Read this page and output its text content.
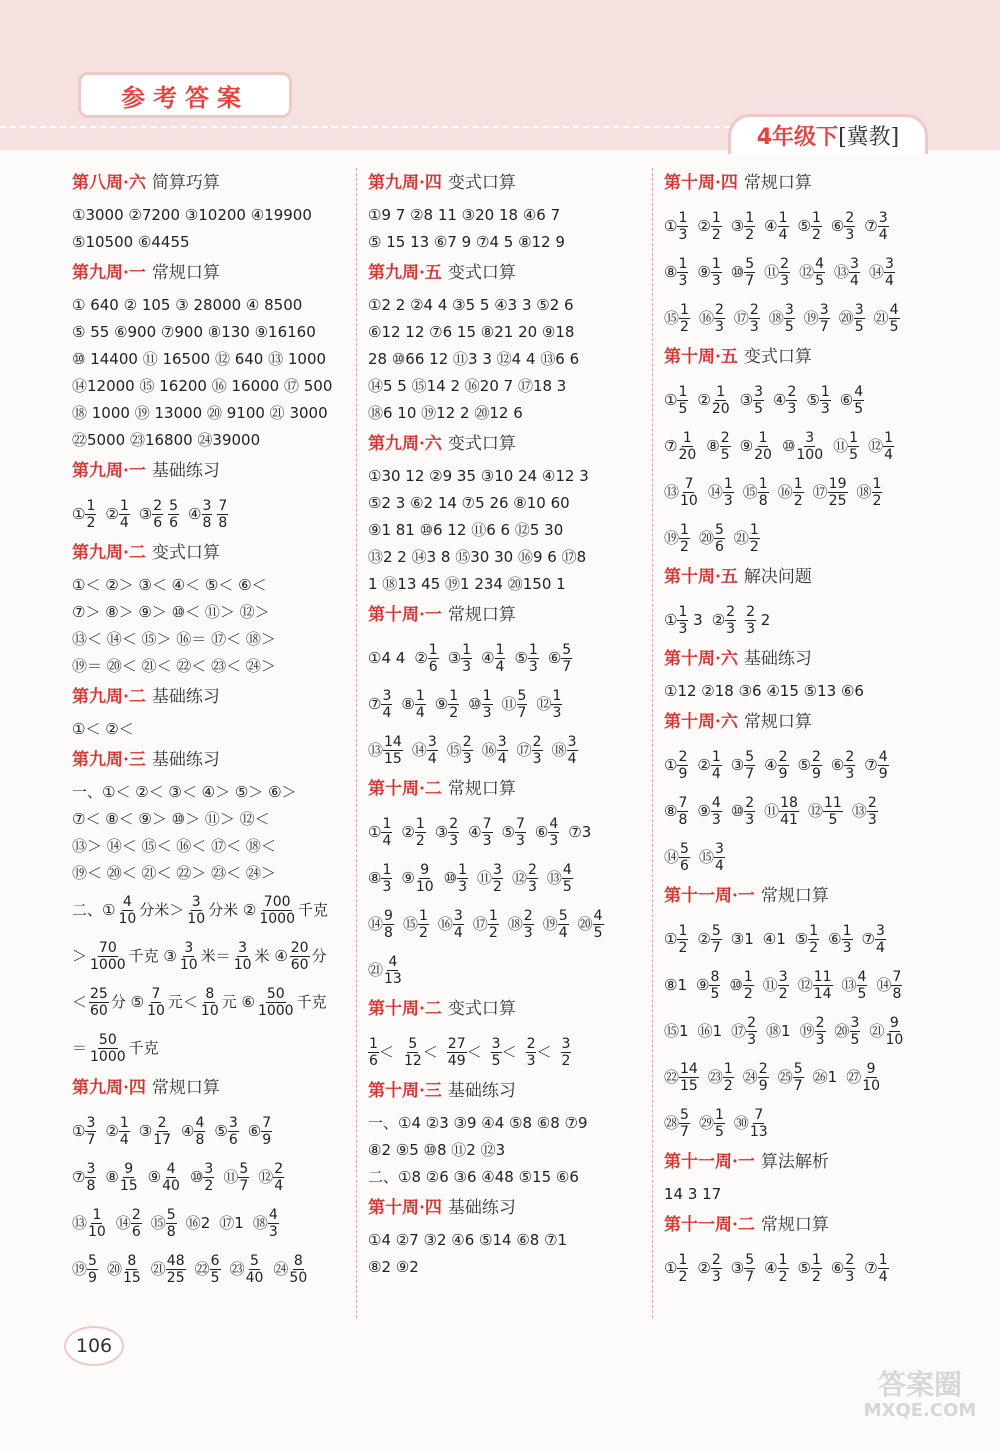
参考答案
4年级下 [冀教]
第八周·六 简算巧算
①3000 ②7200 ③10200 ④19900
⑤10500 ⑥4455
第九周·一 常规口算
① 640 ② 105 ③ 28000 ④ 8500
⑤ 55 ⑥900 ⑦900 ⑧130 ⑨16160
⑩ 14400 ⑪ 16500 ⑫ 640 ⑬ 1000
⑭12000 ⑮ 16200 ⑯ 16000 ⑰ 500
⑱ 1000 ⑲ 13000 ⑳ 9100 ㉑ 3000
㉒5000 ㉓16800 ㉔39000
第九周·一 基础练习
① $\frac{1}{2}$ ② $\frac{1}{4}$ ③ $\frac{2}{6} \frac{5}{6}$ ④ $\frac{3}{8} \frac{7}{8}$
第九周·二 变式口算
①＜ ②＞ ③＜ ④＜ ⑤＜ ⑥＜
⑦＞ ⑧＞ ⑨＞ ⑩＜ ⑪＞ ⑫＞
⑬＜ ⑭＜ ⑮＞ ⑯＝ ⑰＜ ⑱＞
⑲＝ ⑳＜ ㉑＜ ㉒＜ ㉓＜ ㉔＞
第九周·二 基础练习
①＜ ②＜
第九周·三 基础练习
一、①＜ ②＜ ③＜ ④＞ ⑤＞ ⑥＞
⑦＜ ⑧＜ ⑨＞ ⑩＞ ⑪＞ ⑫＜
⑬＞ ⑭＜ ⑮＜ ⑯＜ ⑰＜ ⑱＜
⑲＜ ⑳＜ ㉑＜ ㉒＞ ㉓＜ ㉔＞
二、① $\frac{4}{10}$ 分米＞ $\frac{3}{10}$ 分米 ② $\frac{700}{1000}$ 千克
＞ $\frac{70}{1000}$ 千克 ③ $\frac{3}{10}$ 米＝ $\frac{3}{10}$ 米 ④ $\frac{20}{60}$ 分
＜ $\frac{25}{60}$ 分 ⑤ $\frac{7}{10}$ 元＜ $\frac{8}{10}$ 元 ⑥ $\frac{50}{1000}$ 千克
＝ $\frac{50}{1000}$ 千克
第九周·四 常规口算
① $\frac{3}{7}$ ② $\frac{1}{4}$ ③ $\frac{2}{17}$ ④ $\frac{4}{8}$ ⑤ $\frac{3}{6}$ ⑥ $\frac{7}{9}$
⑦ $\frac{3}{8}$ ⑧ $\frac{9}{15}$ ⑨ $\frac{4}{40}$ ⑩ $\frac{3}{2}$ ⑪ $\frac{5}{7}$ ⑫ $\frac{2}{4}$
⑬ $\frac{1}{10}$ ⑭ $\frac{2}{6}$ ⑮ $\frac{5}{8}$ ⑯2 ⑰1 ⑱ $\frac{4}{3}$
⑲ $\frac{5}{9}$ ⑳ $\frac{8}{15}$ ㉑ $\frac{48}{25}$ ㉒ $\frac{6}{5}$ ㉓ $\frac{5}{40}$ ㉔ $\frac{8}{50}$
第九周·四 变式口算
①9 7 ②8 11 ③20 18 ④6 7
⑤ 15 13 ⑥7 9 ⑦4 5 ⑧12 9
第九周·五 变式口算
①2 2 ②4 4 ③5 5 ④3 3 ⑤2 6
⑥12 12 ⑦6 15 ⑧21 20 ⑨18
28 ⑩66 12 ⑪3 3 ⑫4 4 ⑬6 6
⑭5 5 ⑮14 2 ⑯20 7 ⑰18 3
⑱6 10 ⑲12 2 ⑳12 6
第九周·六 变式口算
①30 12 ②9 35 ③10 24 ④12 3
⑤2 3 ⑥2 14 ⑦5 26 ⑧10 60
⑨1 81 ⑩6 12 ⑪6 6 ⑫5 30
⑬2 2 ⑭3 8 ⑮30 30 ⑯9 6 ⑰8
1 ⑱13 45 ⑲1 234 ⑳150 1
第十周·一 常规口算
①4 4 ② $\frac{1}{6}$ ③ $\frac{1}{3}$ ④ $\frac{1}{4}$ ⑤ $\frac{1}{3}$ ⑥ $\frac{5}{7}$
⑦ $\frac{3}{4}$ ⑧ $\frac{1}{4}$ ⑨ $\frac{1}{2}$ ⑩ $\frac{1}{3}$ ⑪ $\frac{5}{7}$ ⑫ $\frac{1}{3}$
⑬ $\frac{14}{15}$ ⑭ $\frac{3}{4}$ ⑮ $\frac{2}{3}$ ⑯ $\frac{3}{4}$ ⑰ $\frac{2}{3}$ ⑱ $\frac{3}{4}$
第十周·二 常规口算
① $\frac{1}{4}$ ② $\frac{1}{2}$ ③ $\frac{2}{3}$ ④ $\frac{7}{3}$ ⑤ $\frac{7}{3}$ ⑥ $\frac{4}{3}$ ⑦3
⑧ $\frac{1}{3}$ ⑨ $\frac{9}{10}$ ⑩ $\frac{1}{3}$ ⑪ $\frac{3}{2}$ ⑫ $\frac{2}{3}$ ⑬ $\frac{4}{5}$
⑭ $\frac{9}{8}$ ⑮ $\frac{1}{2}$ ⑯ $\frac{3}{4}$ ⑰ $\frac{1}{2}$ ⑱ $\frac{2}{3}$ ⑲ $\frac{5}{4}$ ⑳ $\frac{4}{5}$
㉑ $\frac{4}{13}$
第十周·二 变式口算
$\frac{1}{6} < \frac{5}{12} < \frac{27}{49} < \frac{3}{5} < \frac{2}{3} < \frac{3}{2}$
第十周·三 基础练习
一、①4 ②3 ③9 ④4 ⑤8 ⑥8 ⑦9
⑧2 ⑨5 ⑩8 ⑪2 ⑫3
二、①8 ②6 ③6 ④48 ⑤15 ⑥6
第十周·四 基础练习
①4 ②7 ③2 ④6 ⑤14 ⑥8 ⑦1
⑧2 ⑨2
第十周·四 常规口算
① $\frac{1}{3}$ ② $\frac{1}{2}$ ③ $\frac{1}{2}$ ④ $\frac{1}{4}$ ⑤ $\frac{1}{2}$ ⑥ $\frac{2}{3}$ ⑦ $\frac{3}{4}$
⑧ $\frac{1}{3}$ ⑨ $\frac{1}{3}$ ⑩ $\frac{5}{7}$ ⑪ $\frac{2}{3}$ ⑫ $\frac{4}{5}$ ⑬ $\frac{3}{4}$ ⑭ $\frac{3}{4}$
⑮ $\frac{1}{2}$ ⑯ $\frac{2}{3}$ ⑰ $\frac{2}{3}$ ⑱ $\frac{3}{5}$ ⑲ $\frac{3}{7}$ ⑳ $\frac{3}{5}$ ㉑ $\frac{4}{5}$
第十周·五 变式口算
① $\frac{1}{5}$ ② $\frac{1}{20}$ ③ $\frac{3}{5}$ ④ $\frac{2}{3}$ ⑤ $\frac{1}{3}$ ⑥ $\frac{4}{5}$
⑦ $\frac{1}{20}$ ⑧ $\frac{2}{5}$ ⑨ $\frac{1}{20}$ ⑩ $\frac{3}{100}$ ⑪ $\frac{1}{5}$ ⑫ $\frac{1}{4}$
⑬ $\frac{7}{10}$ ⑭ $\frac{1}{3}$ ⑮ $\frac{1}{8}$ ⑯ $\frac{1}{2}$ ⑰ $\frac{19}{25}$ ⑱ $\frac{1}{2}$
⑲ $\frac{1}{2}$ ⑳ $\frac{5}{6}$ ㉑ $\frac{1}{2}$
第十周·五 解决问题
① $\frac{1}{3} 3$ ② $\frac{2}{3} \frac{2}{3} 2$
第十周·六 基础练习
①12 ②18 ③6 ④15 ⑤13 ⑥6
第十周·六 常规口算
① $\frac{2}{9}$ ② $\frac{1}{4}$ ③ $\frac{5}{7}$ ④ $\frac{2}{9}$ ⑤ $\frac{2}{9}$ ⑥ $\frac{2}{3}$ ⑦ $\frac{4}{9}$
⑧ $\frac{7}{8}$ ⑨ $\frac{4}{3}$ ⑩ $\frac{2}{3}$ ⑪ $\frac{18}{41}$ ⑫ $\frac{11}{5}$ ⑬ $\frac{2}{3}$
⑭ $\frac{5}{6}$ ⑮ $\frac{3}{4}$
第十一周·一 常规口算
① $\frac{1}{2}$ ② $\frac{5}{7}$ ③1 ④1 ⑤ $\frac{1}{2}$ ⑥ $\frac{1}{3}$ ⑦ $\frac{3}{4}$
⑧1 ⑨ $\frac{8}{5}$ ⑩ $\frac{1}{2}$ ⑪ $\frac{3}{2}$ ⑫ $\frac{11}{14}$ ⑬ $\frac{4}{5}$ ⑭ $\frac{7}{8}$
⑮1 ⑯1 ⑰ $\frac{2}{3}$ ⑱1 ⑲ $\frac{2}{3}$ ⑳ $\frac{3}{5}$ ㉑ $\frac{9}{10}$
㉒ $\frac{14}{15}$ ㉓ $\frac{1}{2}$ ㉔ $\frac{2}{9}$ ㉕ $\frac{5}{7}$ ㉖1 ㉗ $\frac{9}{10}$
㉘ $\frac{5}{7}$ ㉙ $\frac{1}{5}$ ㉚ $\frac{7}{13}$
第十一周·一 算法解析
14 3 17
第十一周·二 常规口算
① $\frac{1}{2}$ ② $\frac{2}{3}$ ③ $\frac{5}{7}$ ④ $\frac{1}{2}$ ⑤ $\frac{1}{2}$ ⑥ $\frac{2}{3}$ ⑦ $\frac{1}{4}$
106
答案圈
MXQE.COM
